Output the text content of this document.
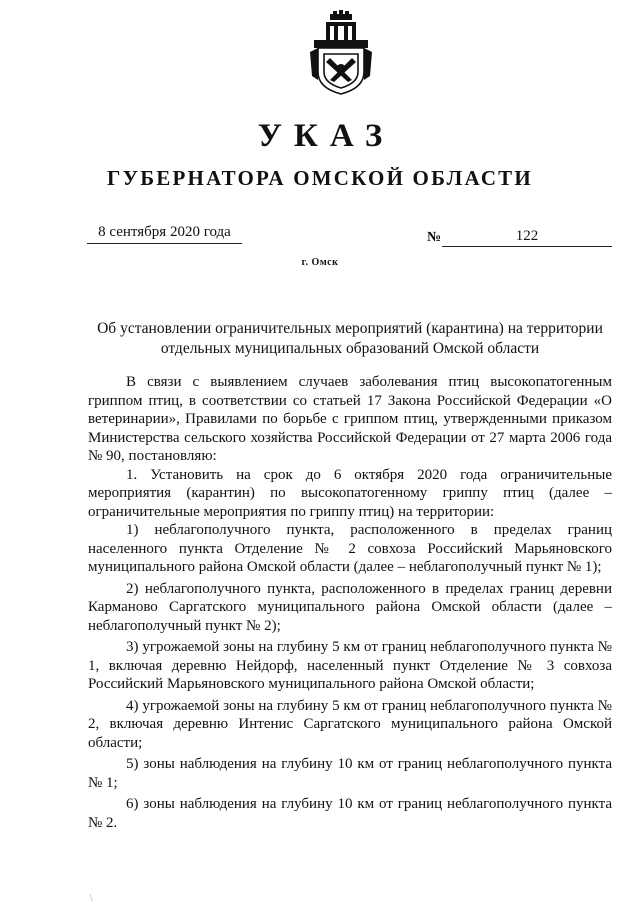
УКАЗ
ГУБЕРНАТОРА ОМСКОЙ ОБЛАСТИ
8 сентября 2020 года	№	122
г. Омск
Об установлении ограничительных мероприятий (карантина) на территории отдельных муниципальных образований Омской области

В связи с выявлением случаев заболевания птиц высокопатогенным гриппом птиц, в соответствии со статьей 17 Закона Российской Федерации «О ветеринарии», Правилами по борьбе с гриппом птиц, утвержденными приказом Министерства сельского хозяйства Российской Федерации от 27 марта 2006 года № 90, постановляю:

1. Установить на срок до 6 октября 2020 года ограничительные мероприятия (карантин) по высокопатогенному гриппу птиц (далее – ограничительные мероприятия по гриппу птиц) на территории:

1) неблагополучного пункта, расположенного в пределах границ населенного пункта Отделение № 2 совхоза Российский Марьяновского муниципального района Омской области (далее – неблагополучный пункт № 1);

2) неблагополучного пункта, расположенного в пределах границ деревни Карманово Саргатского муниципального района Омской области (далее – неблагополучный пункт № 2);

3) угрожаемой зоны на глубину 5 км от границ неблагополучного пункта № 1, включая деревню Нейдорф, населенный пункт Отделение № 3 совхоза Российский Марьяновского муниципального района Омской области;

4) угрожаемой зоны на глубину 5 км от границ неблагополучного пункта № 2, включая деревню Интенис Саргатского муниципального района Омской области;

5) зоны наблюдения на глубину 10 км от границ неблагополучного пункта № 1;

6) зоны наблюдения на глубину 10 км от границ неблагополучного пункта № 2.

\
